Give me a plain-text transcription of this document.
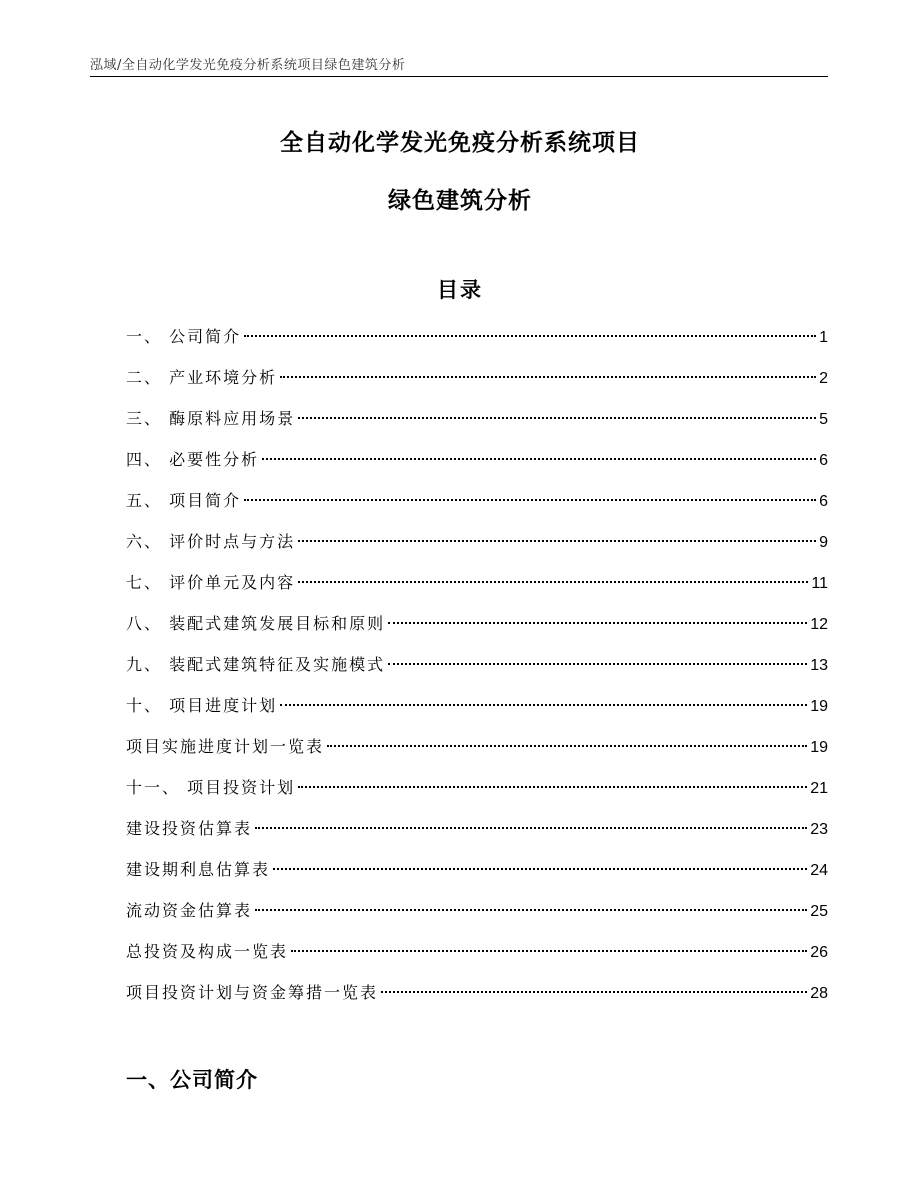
泓域/全自动化学发光免疫分析系统项目绿色建筑分析
全自动化学发光免疫分析系统项目
绿色建筑分析
目录
一、 公司简介	1
二、 产业环境分析	2
三、 酶原料应用场景	5
四、 必要性分析	6
五、 项目简介	6
六、 评价时点与方法	9
七、 评价单元及内容	11
八、 装配式建筑发展目标和原则	12
九、 装配式建筑特征及实施模式	13
十、 项目进度计划	19
项目实施进度计划一览表	19
十一、 项目投资计划	21
建设投资估算表	23
建设期利息估算表	24
流动资金估算表	25
总投资及构成一览表	26
项目投资计划与资金筹措一览表	28
一、公司简介
